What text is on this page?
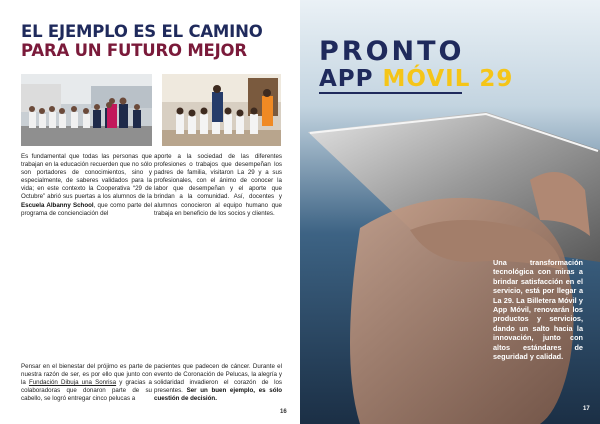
EL EJEMPLO ES EL CAMINO
PARA UN FUTURO MEJOR
Es fundamental que todas las personas que trabajan en la educación recuerden que no sólo son portadores de conocimientos, sino y especialmente, de saberes validados para la vida; en este contexto la Cooperativa “29 de Octubre” abrió sus puertas a los alumnos de la Escuela Albanny School, que como parte del programa de concienciación del
aporte a la sociedad de las diferentes profesiones o trabajos que desempeñan los padres de familia, visitaron La 29 y a sus profesionales, con el ánimo de conocer la labor que desempeñan y el aporte que brindan a la comunidad. Así, docentes y alumnos conocieron al equipo humano que trabaja en beneficio de los socios y clientes.
Pensar en el bienestar del prójimo es parte de nuestra razón de ser, es por ello que junto con la Fundación Dibuja una Sonrisa y gracias a colaboradoras que donaron parte de su cabello, se logró entregar cinco pelucas a
pacientes que padecen de cáncer. Durante el evento de Coronación de Pelucas, la alegría y solidaridad invadieron el corazón de los presentes. Ser un buen ejemplo, es sólo cuestión de decisión.
16
PRONTO
APP MÓVIL 29
Una transformación tecnológica con miras a brindar satisfacción en el servicio, está por llegar a La 29. La Billetera Móvil y App Móvil, renovarán los productos y servicios, dando un salto hacia la innovación, junto con altos estándares de seguridad y calidad.
17
